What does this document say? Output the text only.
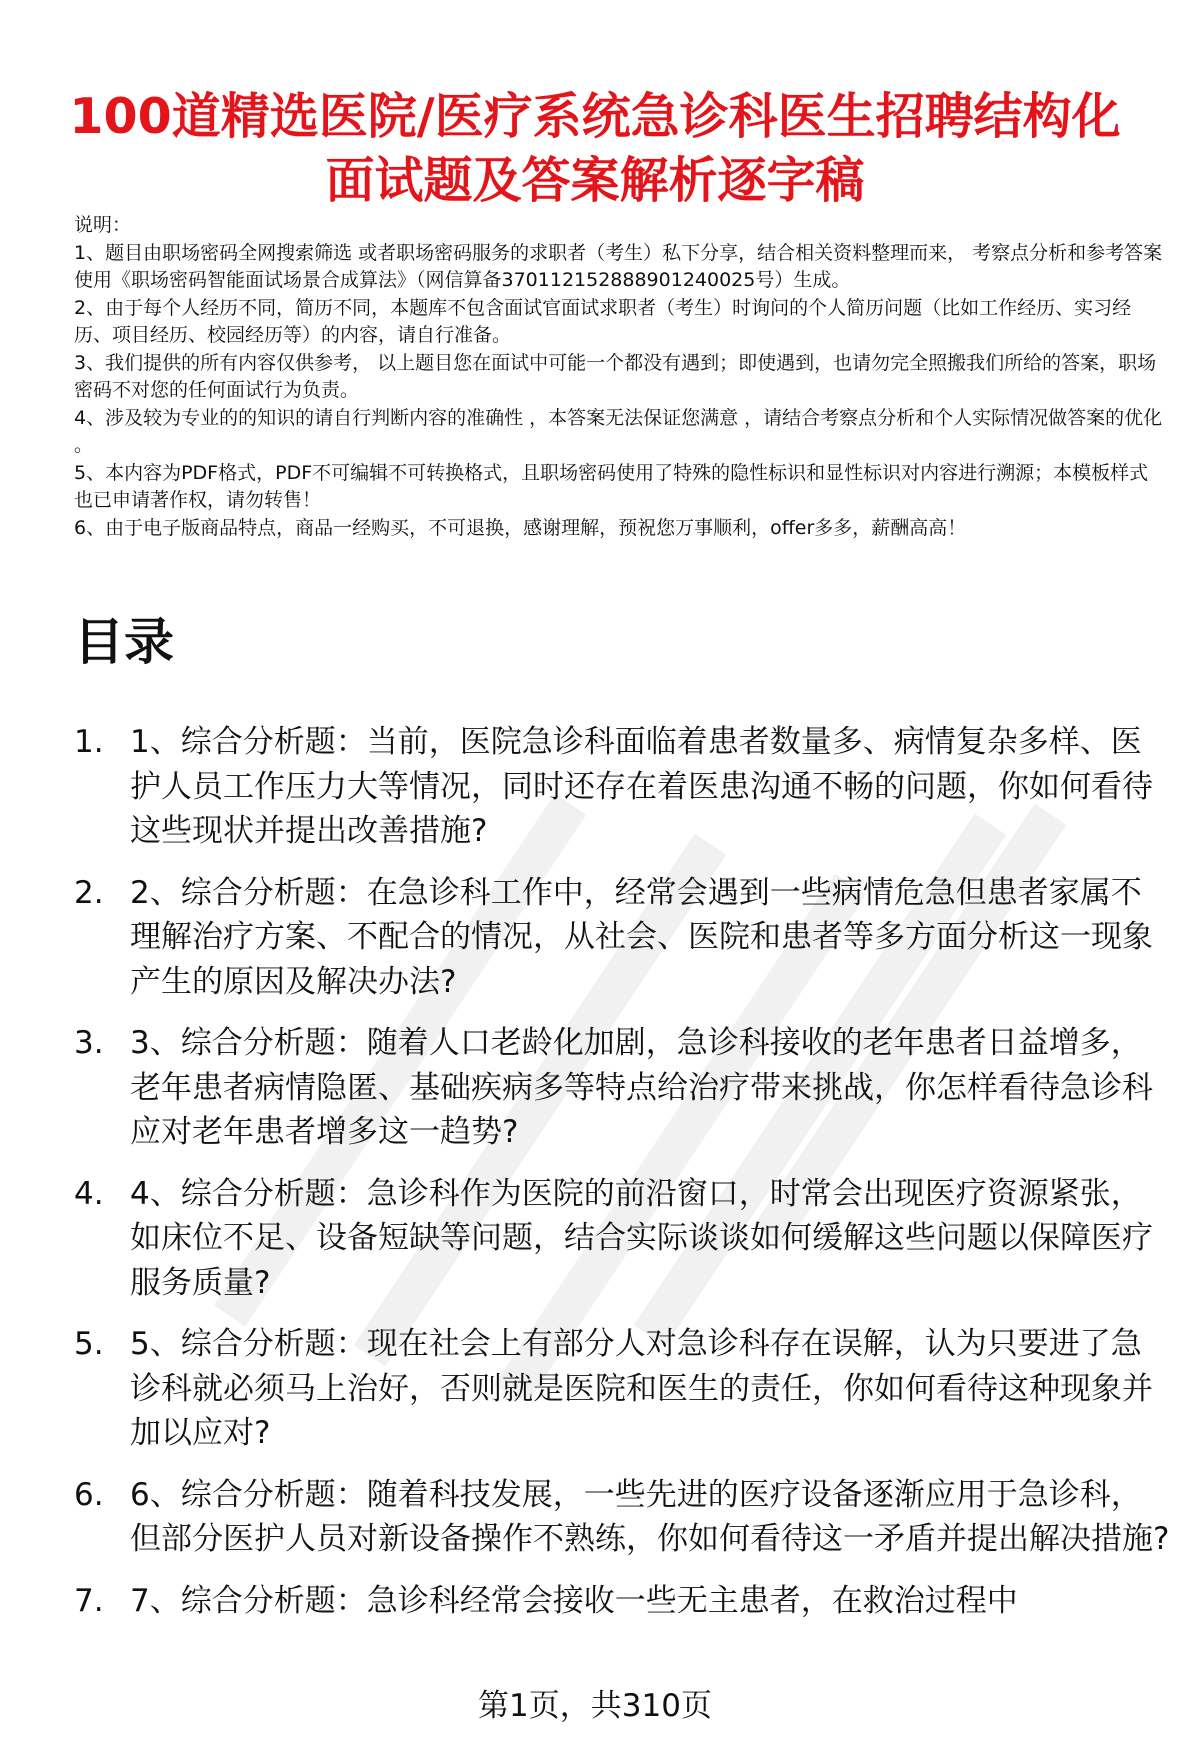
100道精选医院/医疗系统急诊科医生招聘结构化面试题及答案解析逐字稿

说明：

1、题目由职场密码全网搜索筛选 或者职场密码服务的求职者（考生）私下分享，结合相关资料整理而来， 考察点分析和参考答案使用《职场密码智能面试场景合成算法》（网信算备370112152888901240025号）生成。

2、由于每个人经历不同，简历不同，本题库不包含面试官面试求职者（考生）时询问的个人简历问题（比如工作经历、实习经历、项目经历、校园经历等）的内容，请自行准备。

3、我们提供的所有内容仅供参考， 以上题目您在面试中可能一个都没有遇到；即使遇到，也请勿完全照搬我们所给的答案，职场密码不对您的任何面试行为负责。

4、涉及较为专业的的知识的请自行判断内容的准确性 ，本答案无法保证您满意 ，请结合考察点分析和个人实际情况做答案的优化 。

5、本内容为PDF格式，PDF不可编辑不可转换格式，且职场密码使用了特殊的隐性标识和显性标识对内容进行溯源；本模板样式也已申请著作权，请勿转售！

6、由于电子版商品特点，商品一经购买，不可退换，感谢理解，预祝您万事顺利，offer多多，薪酬高高！

目录
1. 1、综合分析题：当前，医院急诊科面临着患者数量多、病情复杂多样、医护人员工作压力大等情况，同时还存在着医患沟通不畅的问题，你如何看待这些现状并提出改善措施?
2. 2、综合分析题：在急诊科工作中，经常会遇到一些病情危急但患者家属不理解治疗方案、不配合的情况，从社会、医院和患者等多方面分析这一现象产生的原因及解决办法?
3. 3、综合分析题：随着人口老龄化加剧，急诊科接收的老年患者日益增多，老年患者病情隐匿、基础疾病多等特点给治疗带来挑战，你怎样看待急诊科应对老年患者增多这一趋势?
4. 4、综合分析题：急诊科作为医院的前沿窗口，时常会出现医疗资源紧张，如床位不足、设备短缺等问题，结合实际谈谈如何缓解这些问题以保障医疗服务质量?
5. 5、综合分析题：现在社会上有部分人对急诊科存在误解，认为只要进了急诊科就必须马上治好，否则就是医院和医生的责任，你如何看待这种现象并加以应对?
6. 6、综合分析题：随着科技发展，一些先进的医疗设备逐渐应用于急诊科，但部分医护人员对新设备操作不熟练，你如何看待这一矛盾并提出解决措施?
7. 7、综合分析题：急诊科经常会接收一些无主患者，在救治过程中
第1页，共310页
